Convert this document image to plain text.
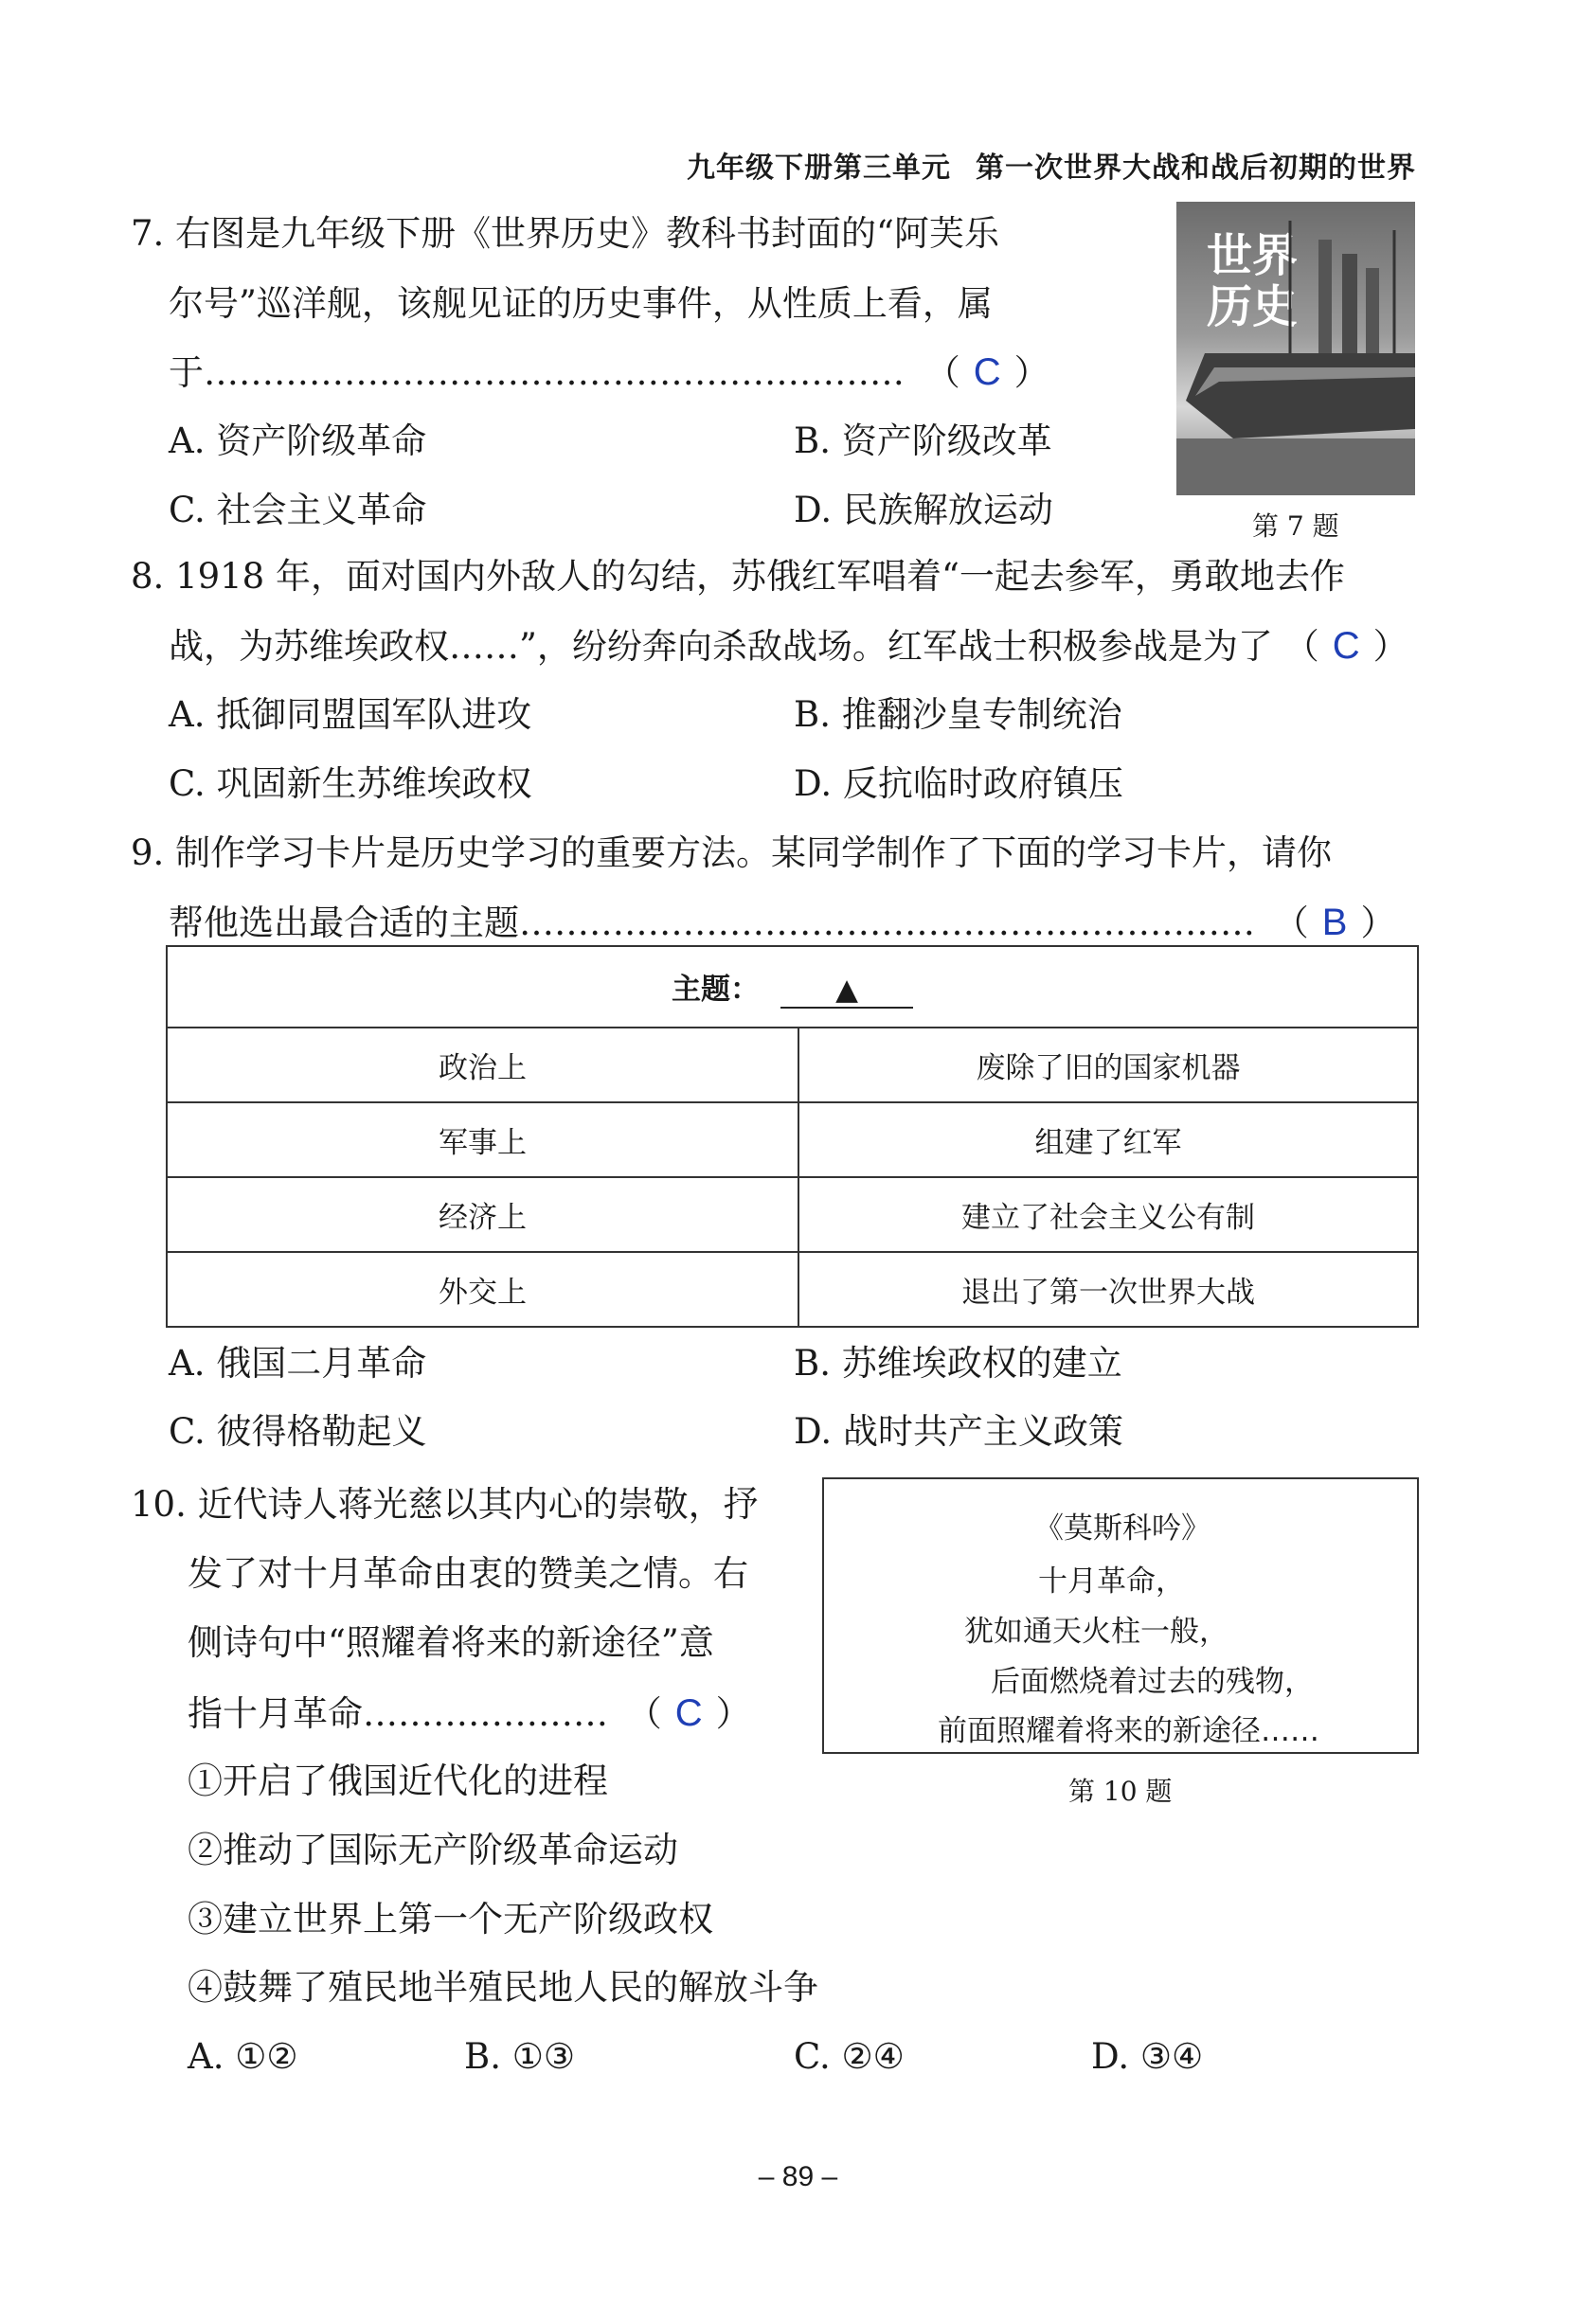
九年级下册第三单元 第一次世界大战和战后初期的世界
7. 右图是九年级下册《世界历史》教科书封面的“阿芙乐
尔号”巡洋舰，该舰见证的历史事件，从性质上看，属
于…………………………………………………… （ C ）
A. 资产阶级革命	B. 资产阶级改革
C. 社会主义革命	D. 民族解放运动
世界历史
第 7 题
8. 1918 年，面对国内外敌人的勾结，苏俄红军唱着“一起去参军，勇敢地去作
战，为苏维埃政权……”，纷纷奔向杀敌战场。红军战士积极参战是为了 （ C ）
A. 抵御同盟国军队进攻	B. 推翻沙皇专制统治
C. 巩固新生苏维埃政权	D. 反抗临时政府镇压
9. 制作学习卡片是历史学习的重要方法。某同学制作了下面的学习卡片，请你
帮他选出最合适的主题……………………………………………………… （ B ）
主题： ▲	
政治上	废除了旧的国家机器
军事上	组建了红军
经济上	建立了社会主义公有制
外交上	退出了第一次世界大战
A. 俄国二月革命	B. 苏维埃政权的建立
C. 彼得格勒起义	D. 战时共产主义政策
10. 近代诗人蒋光慈以其内心的崇敬，抒
发了对十月革命由衷的赞美之情。右
侧诗句中“照耀着将来的新途径”意
指十月革命………………… （ C ）
《莫斯科吟》
十月革命，
犹如通天火柱一般，
后面燃烧着过去的残物，
前面照耀着将来的新途径……
第 10 题
①开启了俄国近代化的进程
②推动了国际无产阶级革命运动
③建立世界上第一个无产阶级政权
④鼓舞了殖民地半殖民地人民的解放斗争
A. ①②	B. ①③	C. ②④	D. ③④
– 89 –
